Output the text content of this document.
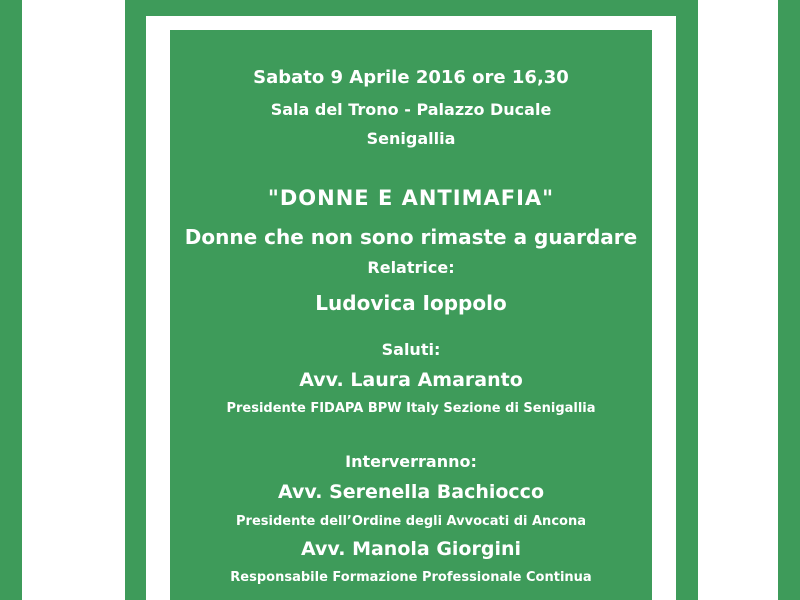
Sabato 9 Aprile 2016 ore 16,30
Sala del Trono - Palazzo Ducale
Senigallia
"DONNE E ANTIMAFIA"
Donne che non sono rimaste a guardare
Relatrice:
Ludovica Ioppolo
Saluti:
Avv. Laura Amaranto
Presidente FIDAPA BPW Italy Sezione di Senigallia
Interverranno:
Avv. Serenella Bachiocco
Presidente dell’Ordine degli Avvocati di Ancona
Avv. Manola Giorgini
Responsabile Formazione Professionale Continua
